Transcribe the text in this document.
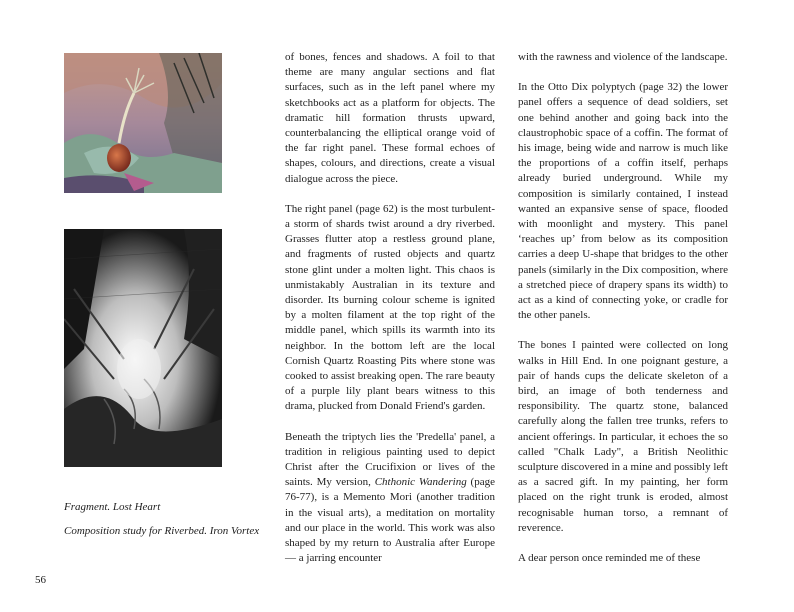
Fragment. Lost Heart

Composition study for Riverbed. Iron Vortex

of bones, fences and shadows. A foil to that theme are many angular sections and flat surfaces, such as in the left panel where my sketchbooks act as a platform for objects. The dramatic hill formation thrusts upward, counterbalancing the elliptical orange void of the far right panel. These formal echoes of shapes, colours, and directions, create a visual dialogue across the piece.

The right panel (page 62) is the most turbulent-a storm of shards twist around a dry riverbed. Grasses flutter atop a restless ground plane, and fragments of rusted objects and quartz stone glint under a molten light. This chaos is unmistakably Australian in its texture and disorder. Its burning colour scheme is ignited by a molten filament at the top right of the middle panel, which spills its warmth into its neighbor. In the bottom left are the local Cornish Quartz Roasting Pits where stone was cooked to assist breaking open. The rare beauty of a purple lily plant bears witness to this drama, plucked from Donald Friend's garden.

Beneath the triptych lies the 'Predella' panel, a tradition in religious painting used to depict Christ after the Crucifixion or lives of the saints. My version, Chthonic Wandering (page 76-77), is a Memento Mori (another tradition in the visual arts), a meditation on mortality and our place in the world. This work was also shaped by my return to Australia after Europe— a jarring encounter

with the rawness and violence of the landscape.

In the Otto Dix polyptych (page 32) the lower panel offers a sequence of dead soldiers, set one behind another and going back into the claustrophobic space of a coffin. The format of his image, being wide and narrow is much like the proportions of a coffin itself, perhaps already buried underground. While my composition is similarly contained, I instead wanted an expansive sense of space, flooded with moonlight and mystery. This panel ‘reaches up’ from below as its composition carries a deep U-shape that bridges to the other panels (similarly in the Dix composition, where a stretched piece of drapery spans its width) to act as a kind of connecting yoke, or cradle for the other panels.

The bones I painted were collected on long walks in Hill End. In one poignant gesture, a pair of hands cups the delicate skeleton of a bird, an image of both tenderness and responsibility. The quartz stone, balanced carefully along the fallen tree trunks, refers to ancient offerings. In particular, it echoes the so called "Chalk Lady", a British Neolithic sculpture discovered in a mine and possibly left as a sacred gift. In my painting, her form placed on the right trunk is eroded, almost recognisable human torso, a remnant of reverence.

A dear person once reminded me of these

56
